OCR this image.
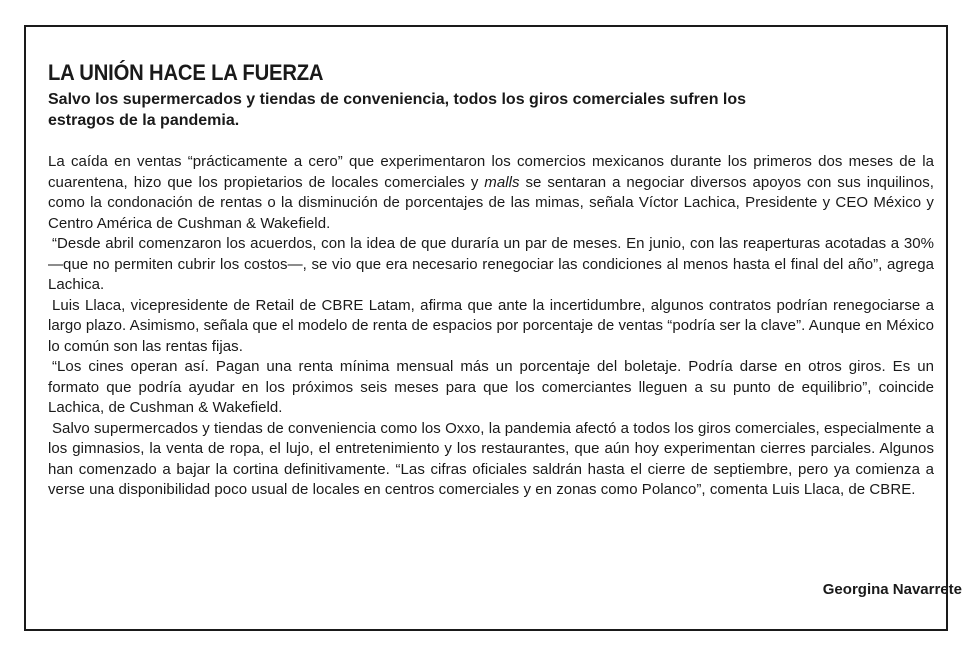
LA UNIÓN HACE LA FUERZA
Salvo los supermercados y tiendas de conveniencia, todos los giros comerciales sufren los estragos de la pandemia.

La caída en ventas “prácticamente a cero” que experimentaron los comercios mexicanos durante los primeros dos meses de la cuarentena, hizo que los propietarios de locales comerciales y malls se sentaran a negociar diversos apoyos con sus inquilinos, como la condonación de rentas o la disminución de porcentajes de las mimas, señala Víctor Lachica, Presidente y CEO México y Centro América de Cushman & Wakefield.

“Desde abril comenzaron los acuerdos, con la idea de que duraría un par de meses. En junio, con las reaperturas acotadas a 30% —que no permiten cubrir los costos—, se vio que era necesario renegociar las condiciones al menos hasta el final del año”, agrega Lachica.

Luis Llaca, vicepresidente de Retail de CBRE Latam, afirma que ante la incertidumbre, algunos contratos podrían renegociarse a largo plazo. Asimismo, señala que el modelo de renta de espacios por porcentaje de ventas “podría ser la clave”. Aunque en México lo común son las rentas fijas.

“Los cines operan así. Pagan una renta mínima mensual más un porcentaje del boletaje. Podría darse en otros giros. Es un formato que podría ayudar en los próximos seis meses para que los comerciantes lleguen a su punto de equilibrio”, coincide Lachica, de Cushman & Wakefield.

Salvo supermercados y tiendas de conveniencia como los Oxxo, la pandemia afectó a todos los giros comerciales, especialmente a los gimnasios, la venta de ropa, el lujo, el entretenimiento y los restaurantes, que aún hoy experimentan cierres parciales. Algunos han comenzado a bajar la cortina definitivamente. “Las cifras oficiales saldrán hasta el cierre de septiembre, pero ya comienza a verse una disponibilidad poco usual de locales en centros comerciales y en zonas como Polanco”, comenta Luis Llaca, de CBRE.

Georgina Navarrete
